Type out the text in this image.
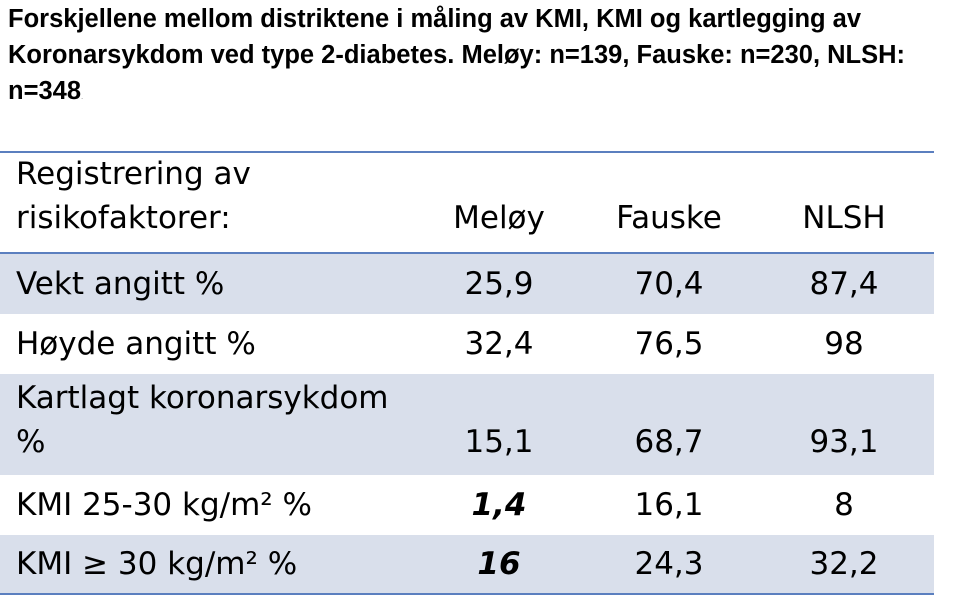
Forskjellene mellom distriktene i måling av KMI, KMI og kartlegging av Koronarsykdom ved type 2-diabetes. Meløy: n=139, Fauske: n=230, NLSH: n=348.
Registrering av risikofaktorer:	Meløy	Fauske	NLSH
Vekt angitt %	25,9	70,4	87,4
Høyde angitt %	32,4	76,5	98
Kartlagt koronarsykdom %	15,1	68,7	93,1
KMI 25-30 kg/m² %	1,4	16,1	8
KMI ≥ 30 kg/m² %	16	24,3	32,2
